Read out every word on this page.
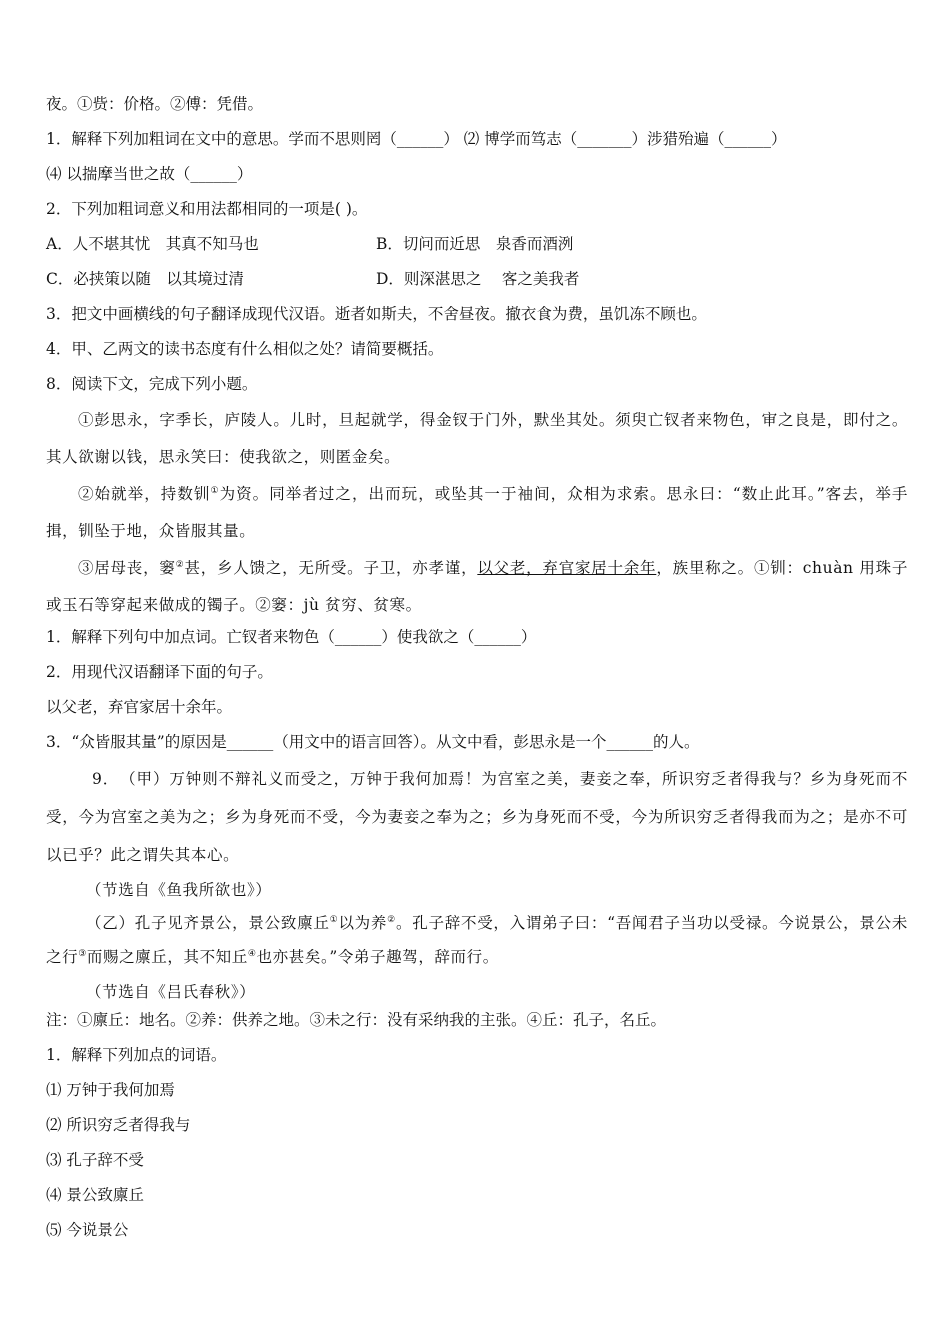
夜。①赀：价格。②傅：凭借。
1．解释下列加粗词在文中的意思。学而不思则罔（______） ⑵ 博学而笃志（_______）涉猎殆遍（______）
⑷ 以揣摩当世之故（______）
2．下列加粗词意义和用法都相同的一项是( )。
A．人不堪其忧　其真不知马也	B．切问而近思　泉香而酒洌
C．必挟策以随　以其境过清	D．则深湛思之　 客之美我者
3．把文中画横线的句子翻译成现代汉语。逝者如斯夫，不舍昼夜。撤衣食为费，虽饥冻不顾也。
4．甲、乙两文的读书态度有什么相似之处？请简要概括。
8．阅读下文，完成下列小题。
①彭思永，字季长，庐陵人。儿时，旦起就学，得金钗于门外，默坐其处。须臾亡钗者来物色，审之良是，即付之。其人欲谢以钱，思永笑曰：使我欲之，则匿金矣。
②始就举，持数钏①为资。同举者过之，出而玩，或坠其一于袖间，众相为求索。思永曰：“数止此耳。”客去，举手揖，钏坠于地，众皆服其量。
③居母丧，窭②甚，乡人馈之，无所受。子卫，亦孝谨，以父老，弃官家居十余年，族里称之。①钏：chuàn 用珠子或玉石等穿起来做成的镯子。②窭：jù 贫穷、贫寒。
1．解释下列句中加点词。亡钗者来物色（______）使我欲之（______）
2．用现代汉语翻译下面的句子。
以父老，弃官家居十余年。
3．“众皆服其量”的原因是______（用文中的语言回答）。从文中看，彭思永是一个______的人。
9．　（甲）万钟则不辩礼义而受之，万钟于我何加焉！为宫室之美，妻妾之奉，所识穷乏者得我与？乡为身死而不受，今为宫室之美为之；乡为身死而不受，今为妻妾之奉为之；乡为身死而不受，今为所识穷乏者得我而为之；是亦不可以已乎？此之谓失其本心。
（节选自《鱼我所欲也》）
（乙）孔子见齐景公，景公致廪丘①以为养②。孔子辞不受，入谓弟子曰：“吾闻君子当功以受禄。今说景公，景公未之行③而赐之廪丘，其不知丘④也亦甚矣。”令弟子趣驾，辞而行。
（节选自《吕氏春秋》）
注：①廪丘：地名。②养：供养之地。③未之行：没有采纳我的主张。④丘：孔子，名丘。
1．解释下列加点的词语。
⑴ 万钟于我何加焉
⑵ 所识穷乏者得我与
⑶ 孔子辞不受
⑷ 景公致廪丘
⑸ 今说景公
